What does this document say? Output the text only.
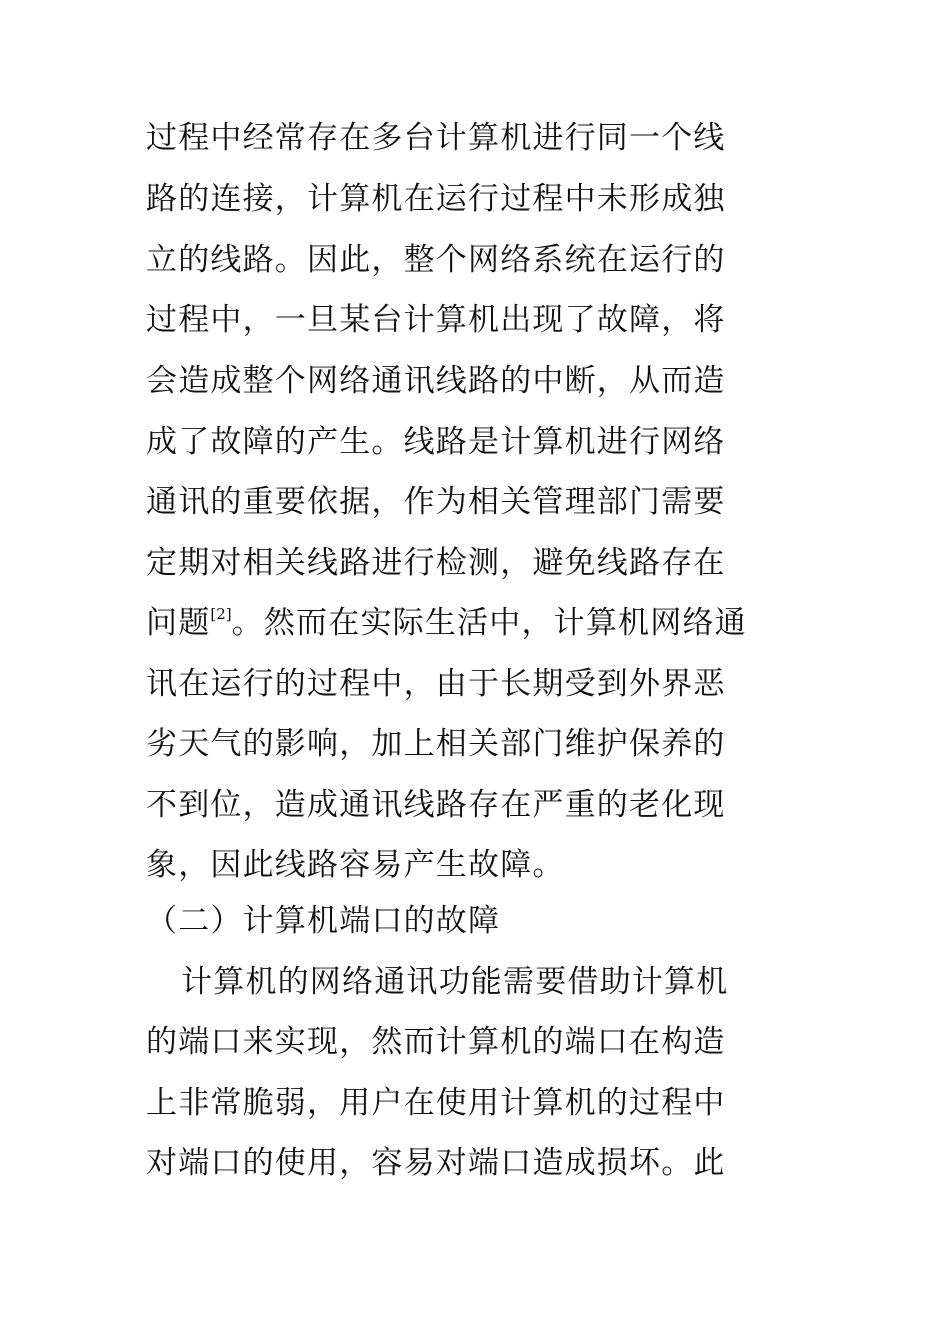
过程中经常存在多台计算机进行同一个线
路的连接，计算机在运行过程中未形成独
立的线路。因此，整个网络系统在运行的
过程中，一旦某台计算机出现了故障，将
会造成整个网络通讯线路的中断，从而造
成了故障的产生。线路是计算机进行网络
通讯的重要依据，作为相关管理部门需要
定期对相关线路进行检测，避免线路存在
问题[2]。然而在实际生活中，计算机网络通
讯在运行的过程中，由于长期受到外界恶
劣天气的影响，加上相关部门维护保养的
不到位，造成通讯线路存在严重的老化现
象，因此线路容易产生故障。
（二）计算机端口的故障
计算机的网络通讯功能需要借助计算机
的端口来实现，然而计算机的端口在构造
上非常脆弱，用户在使用计算机的过程中
对端口的使用，容易对端口造成损坏。此
